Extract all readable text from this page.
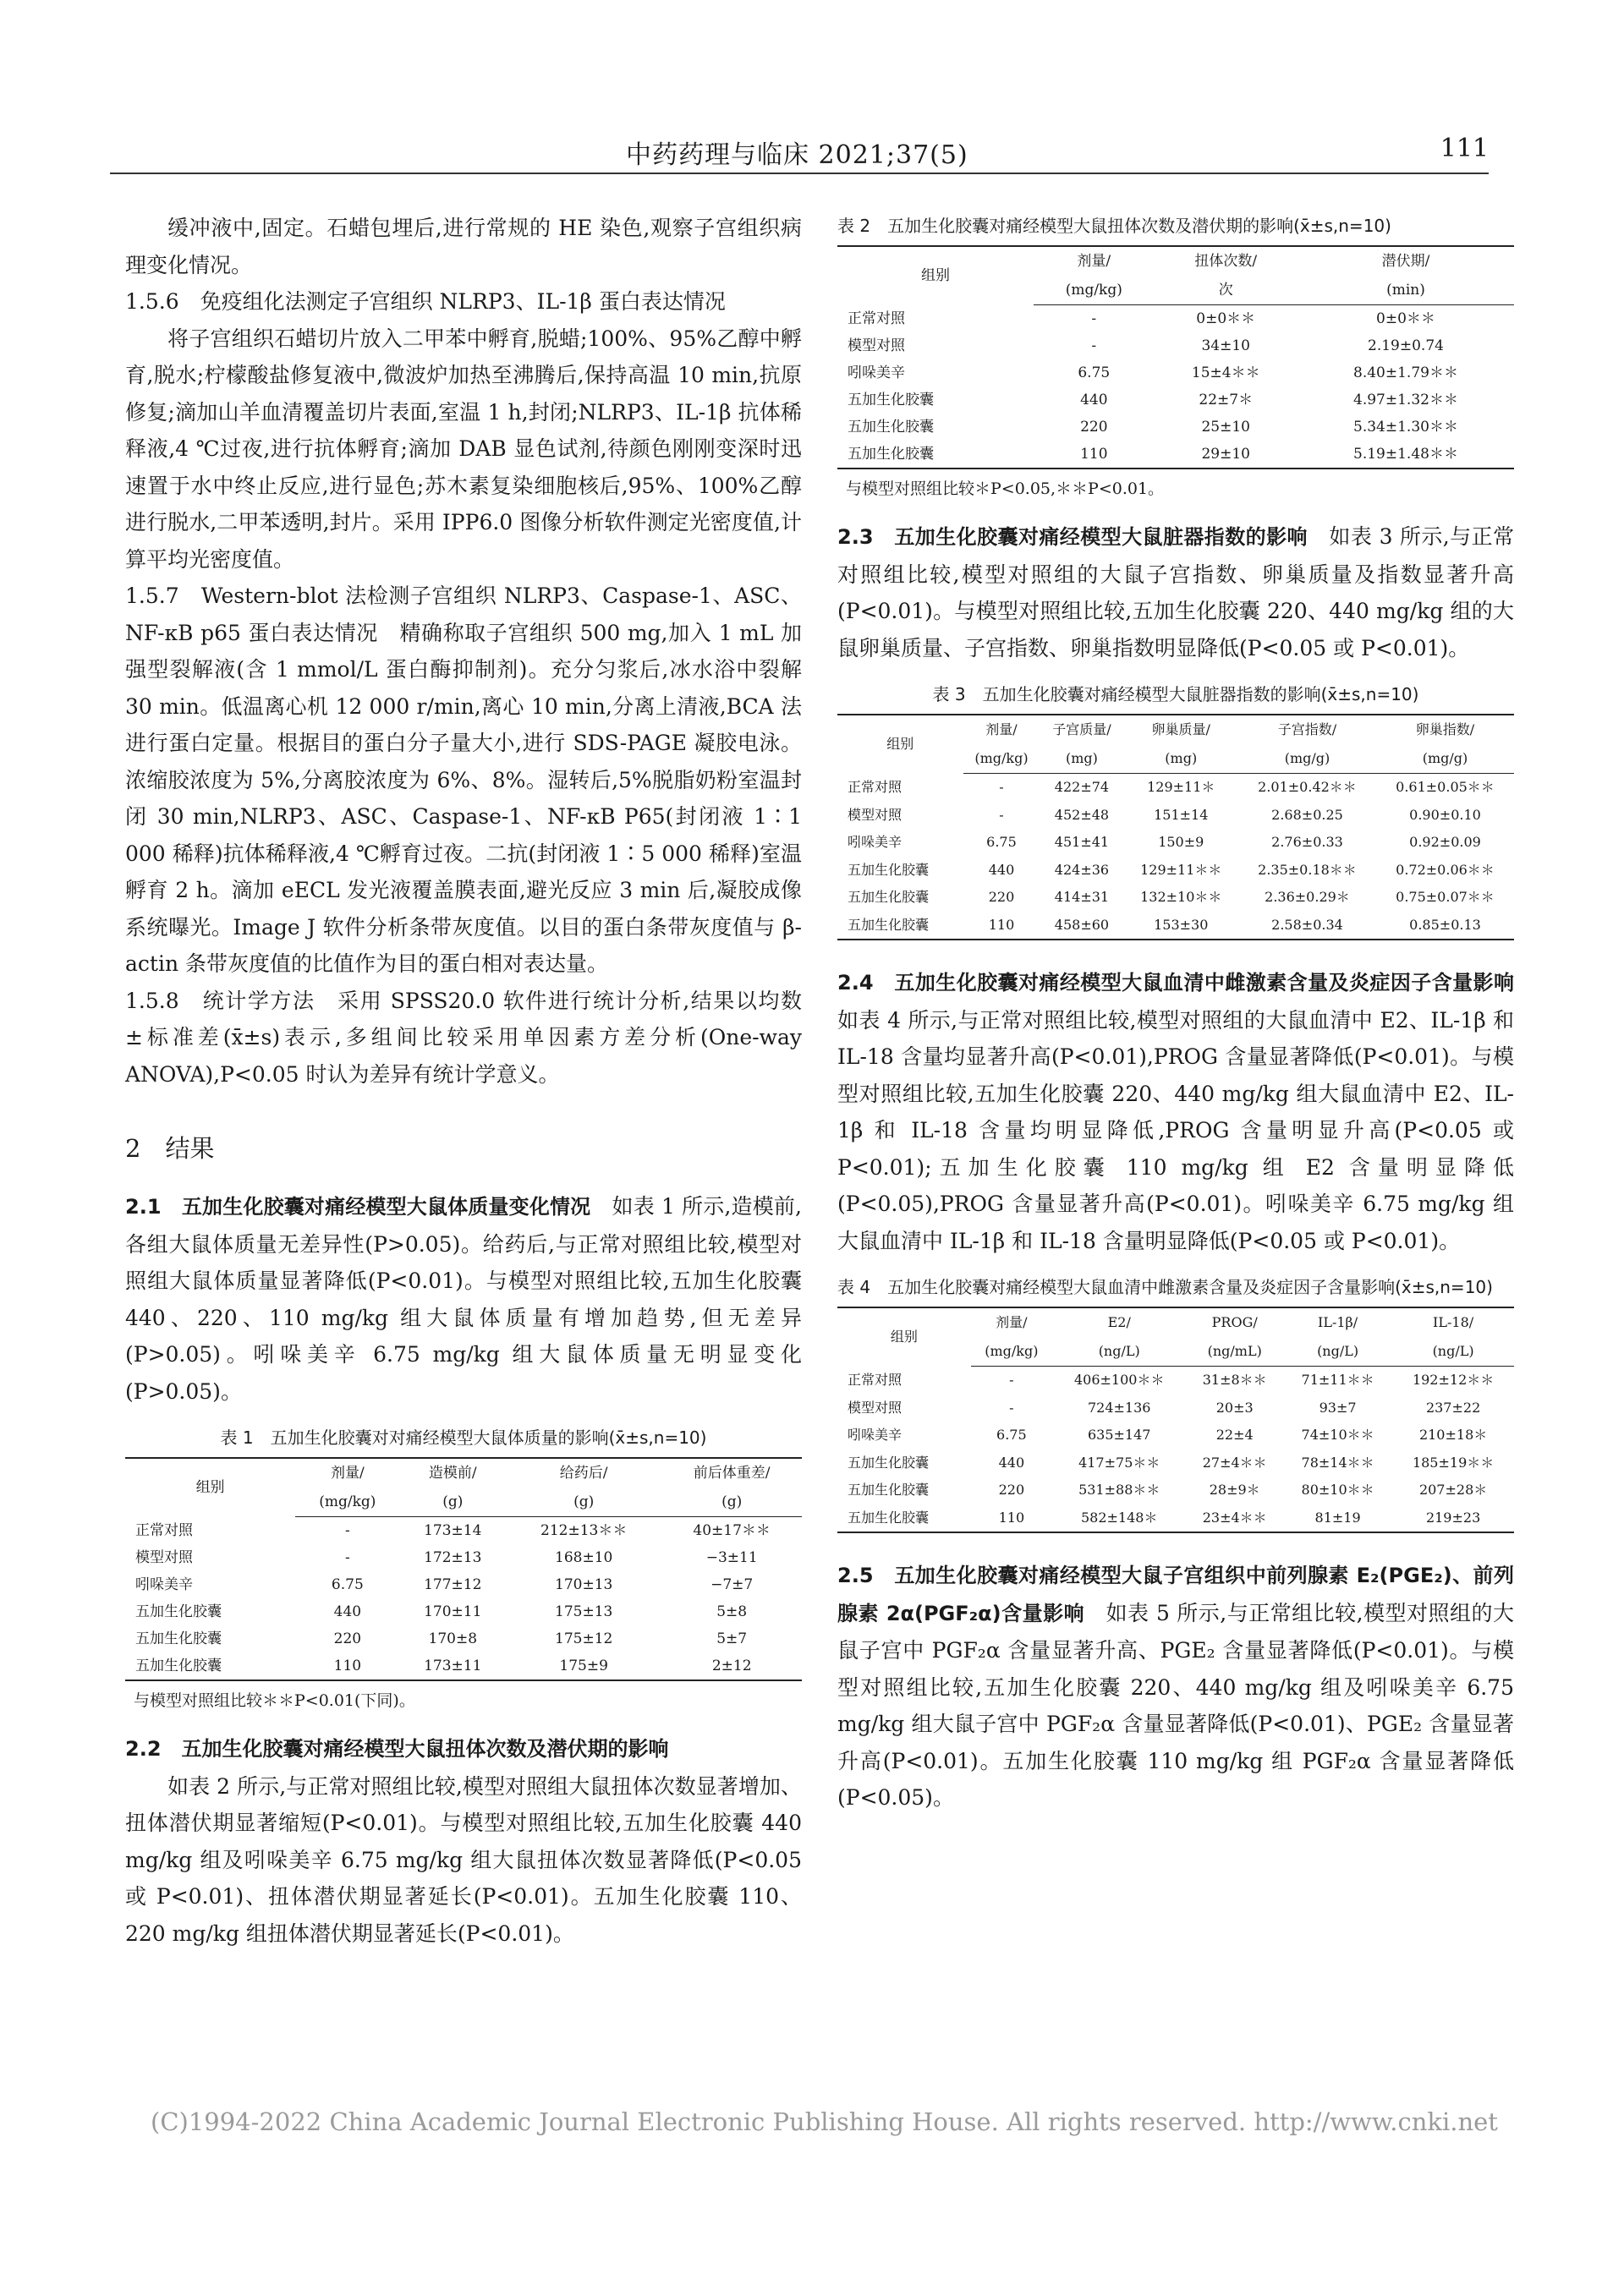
中药药理与临床 2021;37(5)	111

缓冲液中,固定。石蜡包埋后,进行常规的 HE 染色,观察子宫组织病理变化情况。

1.5.6　免疫组化法测定子宫组织 NLRP3、IL-1β 蛋白表达情况

将子宫组织石蜡切片放入二甲苯中孵育,脱蜡;100%、95%乙醇中孵育,脱水;柠檬酸盐修复液中,微波炉加热至沸腾后,保持高温 10 min,抗原修复;滴加山羊血清覆盖切片表面,室温 1 h,封闭;NLRP3、IL-1β 抗体稀释液,4 ℃过夜,进行抗体孵育;滴加 DAB 显色试剂,待颜色刚刚变深时迅速置于水中终止反应,进行显色;苏木素复染细胞核后,95%、100%乙醇进行脱水,二甲苯透明,封片。采用 IPP6.0 图像分析软件测定光密度值,计算平均光密度值。

1.5.7　Western-blot 法检测子宫组织 NLRP3、Caspase-1、ASC、NF-κB p65 蛋白表达情况　精确称取子宫组织 500 mg,加入 1 mL 加强型裂解液(含 1 mmol/L 蛋白酶抑制剂)。充分匀浆后,冰水浴中裂解 30 min。低温离心机 12 000 r/min,离心 10 min,分离上清液,BCA 法进行蛋白定量。根据目的蛋白分子量大小,进行 SDS-PAGE 凝胶电泳。浓缩胶浓度为 5%,分离胶浓度为 6%、8%。湿转后,5%脱脂奶粉室温封闭 30 min,NLRP3、ASC、Caspase-1、NF-κB P65(封闭液 1∶1 000 稀释)抗体稀释液,4 ℃孵育过夜。二抗(封闭液 1∶5 000 稀释)室温孵育 2 h。滴加 eECL 发光液覆盖膜表面,避光反应 3 min 后,凝胶成像系统曝光。Image J 软件分析条带灰度值。以目的蛋白条带灰度值与 β-actin 条带灰度值的比值作为目的蛋白相对表达量。

1.5.8　统计学方法　采用 SPSS20.0 软件进行统计分析,结果以均数±标准差(x̄±s)表示,多组间比较采用单因素方差分析(One-way ANOVA),P<0.05 时认为差异有统计学意义。

2　结果

2.1　五加生化胶囊对痛经模型大鼠体质量变化情况　 如表 1 所示,造模前,各组大鼠体质量无差异性(P>0.05)。给药后,与正常对照组比较,模型对照组大鼠体质量显著降低(P<0.01)。与模型对照组比较,五加生化胶囊 440、220、110 mg/kg 组大鼠体质量有增加趋势,但无差异(P>0.05)。吲哚美辛 6.75 mg/kg 组大鼠体质量无明显变化(P>0.05)。

表 1　五加生化胶囊对对痛经模型大鼠体质量的影响(x̄±s,n=10)
组别	剂量/	造模前/	给药后/	前后体重差/
	(mg/kg)	(g)	(g)	(g)
正常对照	-	173±14	212±13＊＊	40±17＊＊
模型对照	-	172±13	168±10	−3±11
吲哚美辛	6.75	177±12	170±13	−7±7
五加生化胶囊	440	170±11	175±13	5±8
五加生化胶囊	220	170±8	175±12	5±7
五加生化胶囊	110	173±11	175±9	2±12
与模型对照组比较＊＊P<0.01(下同)。

2.2　五加生化胶囊对痛经模型大鼠扭体次数及潜伏期的影响

如表 2 所示,与正常对照组比较,模型对照组大鼠扭体次数显著增加、扭体潜伏期显著缩短(P<0.01)。与模型对照组比较,五加生化胶囊 440 mg/kg 组及吲哚美辛 6.75 mg/kg 组大鼠扭体次数显著降低(P<0.05 或 P<0.01)、扭体潜伏期显著延长(P<0.01)。五加生化胶囊 110、220 mg/kg 组扭体潜伏期显著延长(P<0.01)。

表 2　五加生化胶囊对痛经模型大鼠扭体次数及潜伏期的影响(x̄±s,n=10)
组别	剂量/	扭体次数/	潜伏期/
	(mg/kg)	次	(min)
正常对照	-	0±0＊＊	0±0＊＊
模型对照	-	34±10	2.19±0.74
吲哚美辛	6.75	15±4＊＊	8.40±1.79＊＊
五加生化胶囊	440	22±7＊	4.97±1.32＊＊
五加生化胶囊	220	25±10	5.34±1.30＊＊
五加生化胶囊	110	29±10	5.19±1.48＊＊
与模型对照组比较＊P<0.05,＊＊P<0.01。

2.3　五加生化胶囊对痛经模型大鼠脏器指数的影响　 如表 3 所示,与正常对照组比较,模型对照组的大鼠子宫指数、卵巢质量及指数显著升高(P<0.01)。与模型对照组比较,五加生化胶囊 220、440 mg/kg 组的大鼠卵巢质量、子宫指数、卵巢指数明显降低(P<0.05 或 P<0.01)。

表 3　五加生化胶囊对痛经模型大鼠脏器指数的影响(x̄±s,n=10)
组别	剂量/	子宫质量/	卵巢质量/	子宫指数/	卵巢指数/
	(mg/kg)	(mg)	(mg)	(mg/g)	(mg/g)
正常对照	-	422±74	129±11＊	2.01±0.42＊＊	0.61±0.05＊＊
模型对照	-	452±48	151±14	2.68±0.25	0.90±0.10
吲哚美辛	6.75	451±41	150±9	2.76±0.33	0.92±0.09
五加生化胶囊	440	424±36	129±11＊＊	2.35±0.18＊＊	0.72±0.06＊＊
五加生化胶囊	220	414±31	132±10＊＊	2.36±0.29＊	0.75±0.07＊＊
五加生化胶囊	110	458±60	153±30	2.58±0.34	0.85±0.13

2.4　五加生化胶囊对痛经模型大鼠血清中雌激素含量及炎症因子含量影响　如表 4 所示,与正常对照组比较,模型对照组的大鼠血清中 E2、IL-1β 和 IL-18 含量均显著升高(P<0.01),PROG 含量显著降低(P<0.01)。与模型对照组比较,五加生化胶囊 220、440 mg/kg 组大鼠血清中 E2、IL-1β 和 IL-18 含量均明显降低,PROG 含量明显升高(P<0.05 或 P<0.01);五加生化胶囊 110 mg/kg 组 E2 含量明显降低(P<0.05),PROG 含量显著升高(P<0.01)。吲哚美辛 6.75 mg/kg 组大鼠血清中 IL-1β 和 IL-18 含量明显降低(P<0.05 或 P<0.01)。

表 4　五加生化胶囊对痛经模型大鼠血清中雌激素含量及炎症因子含量影响(x̄±s,n=10)
组别	剂量/	E2/	PROG/	IL-1β/	IL-18/
	(mg/kg)	(ng/L)	(ng/mL)	(ng/L)	(ng/L)
正常对照	-	406±100＊＊	31±8＊＊	71±11＊＊	192±12＊＊
模型对照	-	724±136	20±3	93±7	237±22
吲哚美辛	6.75	635±147	22±4	74±10＊＊	210±18＊
五加生化胶囊	440	417±75＊＊	27±4＊＊	78±14＊＊	185±19＊＊
五加生化胶囊	220	531±88＊＊	28±9＊	80±10＊＊	207±28＊
五加生化胶囊	110	582±148＊	23±4＊＊	81±19	219±23

2.5　五加生化胶囊对痛经模型大鼠子宫组织中前列腺素 E₂(PGE₂)、前列腺素 2α(PGF₂α)含量影响　 如表 5 所示,与正常组比较,模型对照组的大鼠子宫中 PGF₂α 含量显著升高、PGE₂ 含量显著降低(P<0.01)。与模型对照组比较,五加生化胶囊 220、440 mg/kg 组及吲哚美辛 6.75 mg/kg 组大鼠子宫中 PGF₂α 含量显著降低(P<0.01)、PGE₂ 含量显著升高(P<0.01)。五加生化胶囊 110 mg/kg 组 PGF₂α 含量显著降低(P<0.05)。

(C)1994-2022 China Academic Journal Electronic Publishing House. All rights reserved. http://www.cnki.net
